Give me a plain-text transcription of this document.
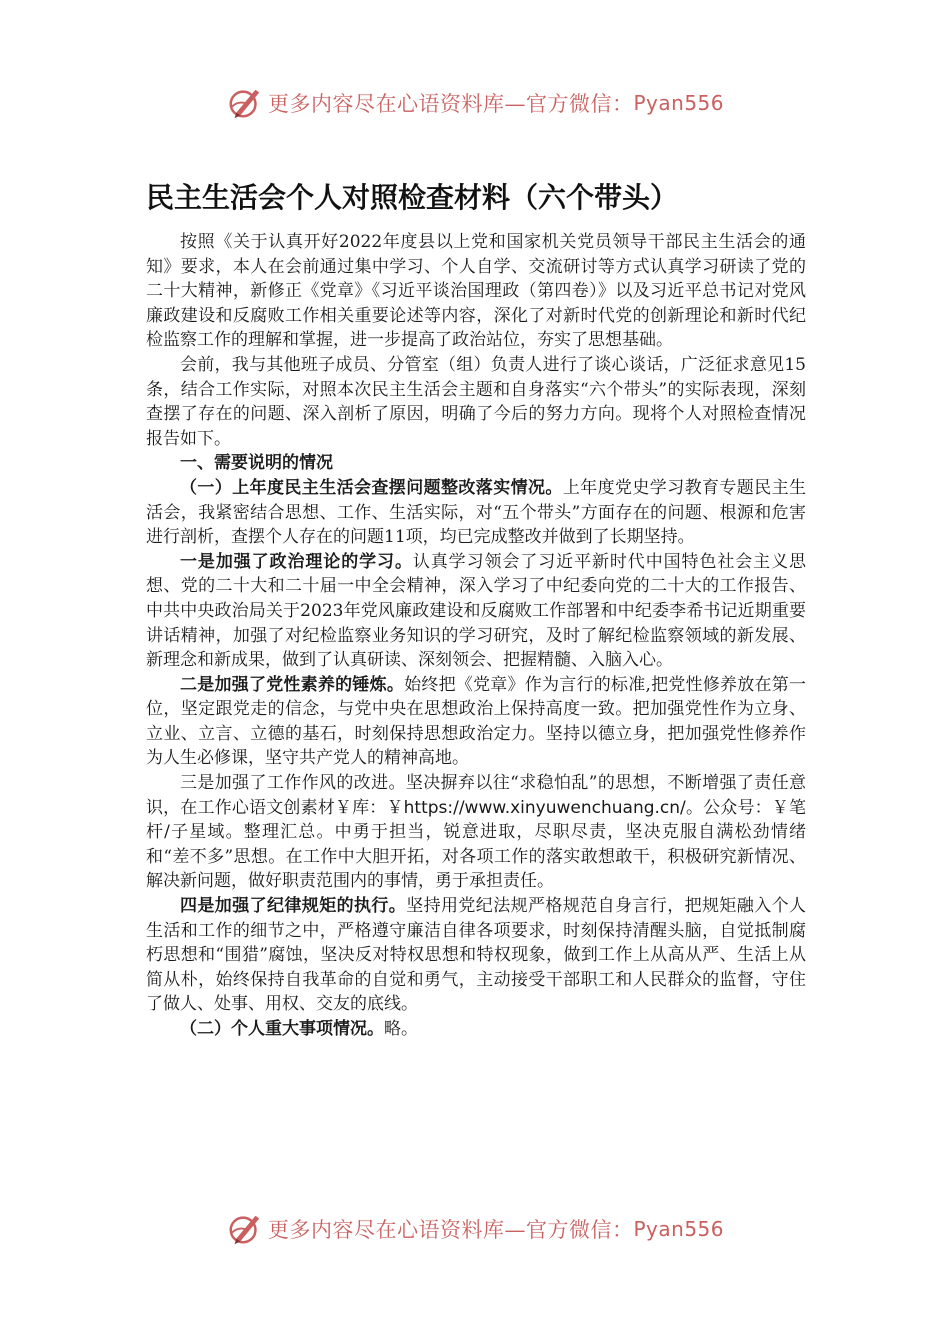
更多内容尽在心语资料库—官方微信： Pyan556
民主生活会个人对照检查材料（六个带头）

按照《关于认真开好2022年度县以上党和国家机关党员领导干部民主生活会的通知》要求，本人在会前通过集中学习、个人自学、交流研讨等方式认真学习研读了党的二十大精神，新修正《党章》《习近平谈治国理政（第四卷）》以及习近平总书记对党风廉政建设和反腐败工作相关重要论述等内容，深化了对新时代党的创新理论和新时代纪检监察工作的理解和掌握，进一步提高了政治站位，夯实了思想基础。

会前，我与其他班子成员、分管室（组）负责人进行了谈心谈话，广泛征求意见15条，结合工作实际，对照本次民主生活会主题和自身落实“六个带头”的实际表现，深刻查摆了存在的问题、深入剖析了原因，明确了今后的努力方向。现将个人对照检查情况报告如下。

一、需要说明的情况

（一）上年度民主生活会查摆问题整改落实情况。上年度党史学习教育专题民主生活会，我紧密结合思想、工作、生活实际，对“五个带头”方面存在的问题、根源和危害进行剖析，查摆个人存在的问题11项，均已完成整改并做到了长期坚持。

一是加强了政治理论的学习。认真学习领会了习近平新时代中国特色社会主义思想、党的二十大和二十届一中全会精神，深入学习了中纪委向党的二十大的工作报告、中共中央政治局关于2023年党风廉政建设和反腐败工作部署和中纪委李希书记近期重要讲话精神，加强了对纪检监察业务知识的学习研究，及时了解纪检监察领域的新发展、新理念和新成果，做到了认真研读、深刻领会、把握精髓、入脑入心。

二是加强了党性素养的锤炼。始终把《党章》作为言行的标准,把党性修养放在第一位，坚定跟党走的信念，与党中央在思想政治上保持高度一致。把加强党性作为立身、立业、立言、立德的基石，时刻保持思想政治定力。坚持以德立身，把加强党性修养作为人生必修课，坚守共产党人的精神高地。

三是加强了工作作风的改进。坚决摒弃以往“求稳怕乱”的思想，不断增强了责任意识，在工作心语文创素材￥库：￥https://www.xinyuwenchuang.cn/。公众号：￥笔杆/子星域。整理汇总。中勇于担当，锐意进取，尽职尽责，坚决克服自满松劲情绪和“差不多”思想。在工作中大胆开拓，对各项工作的落实敢想敢干，积极研究新情况、解决新问题，做好职责范围内的事情，勇于承担责任。

四是加强了纪律规矩的执行。坚持用党纪法规严格规范自身言行，把规矩融入个人生活和工作的细节之中，严格遵守廉洁自律各项要求，时刻保持清醒头脑，自觉抵制腐朽思想和“围猎”腐蚀，坚决反对特权思想和特权现象，做到工作上从高从严、生活上从简从朴，始终保持自我革命的自觉和勇气，主动接受干部职工和人民群众的监督，守住了做人、处事、用权、交友的底线。

（二）个人重大事项情况。略。

更多内容尽在心语资料库—官方微信： Pyan556
